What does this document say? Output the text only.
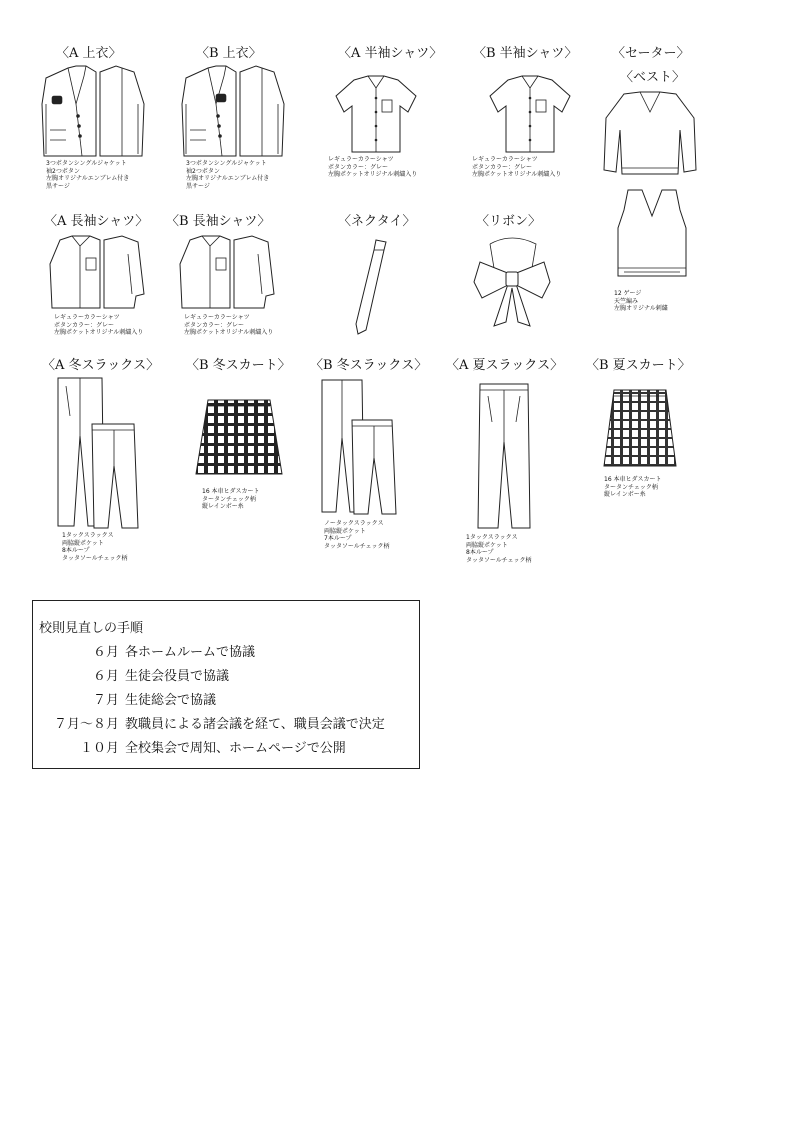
〈A 上衣〉	〈B 上衣〉	〈A 半袖シャツ〉 〈B 半袖シャツ〉	〈セーター〉
〈ベスト〉
3つボタンシングルジャケット
袖2つボタン
左胸オリジナルエンブレム付き
黒サージ
3つボタンシングルジャケット
袖2つボタン
左胸オリジナルエンブレム付き
黒サージ
レギュラーカラーシャツ
ボタンカラー：グレー
左胸ポケットオリジナル刺繍入り
レギュラーカラーシャツ
ボタンカラー：グレー
左胸ポケットオリジナル刺繍入り
12 ゲージ
天竺編み
左胸オリジナル刺繍
〈A 長袖シャツ〉 〈B 長袖シャツ〉	〈ネクタイ〉	〈リボン〉
レギュラーカラーシャツ
ボタンカラー：グレー
左胸ポケットオリジナル刺繍入り
レギュラーカラーシャツ
ボタンカラー：グレー
左胸ポケットオリジナル刺繍入り
〈A 冬スラックス〉 〈B 冬スカート〉 〈B 冬スラックス〉 〈A 夏スラックス〉 〈B 夏スカート〉
1タックスラックス
両脇縦ポケット
8本ループ
タッタソールチェック柄
16 本車ヒダスカート
タータンチェック柄
縦レインボー糸
ノータックスラックス
両脇縦ポケット
7本ループ
タッタソールチェック柄
1タックスラックス
両脇縦ポケット
8本ループ
タッタソールチェック柄
16 本車ヒダスカート
タータンチェック柄
縦レインボー糸
校則見直しの手順
６月 各ホームルームで協議
６月 生徒会役員で協議
７月 生徒総会で協議
７月～８月 教職員による諸会議を経て、職員会議で決定
１０月 全校集会で周知、ホームページで公開
